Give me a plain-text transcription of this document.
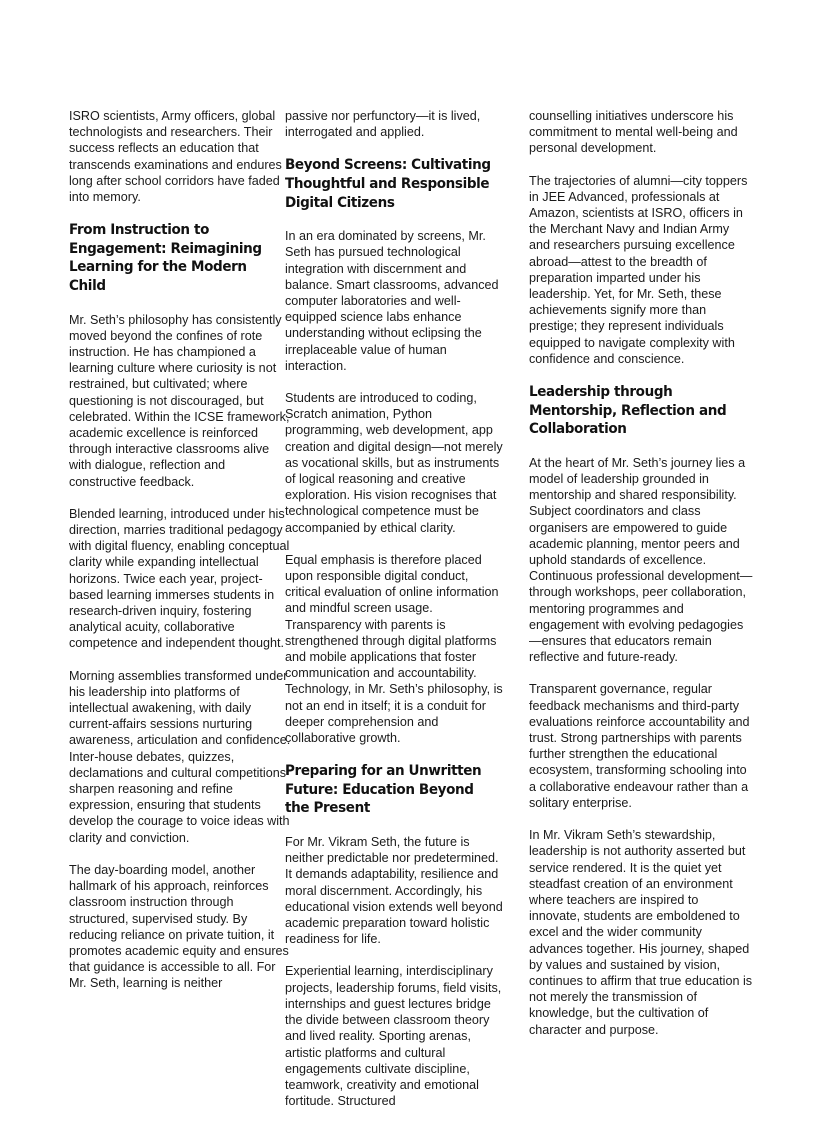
ISRO scientists, Army officers, global technologists and researchers. Their success reflects an education that transcends examinations and endures long after school corridors have faded into memory.

From Instruction to Engagement: Reimagining Learning for the Modern Child

Mr. Seth’s philosophy has consistently moved beyond the confines of rote instruction. He has championed a learning culture where curiosity is not restrained, but cultivated; where questioning is not discouraged, but celebrated. Within the ICSE framework, academic excellence is reinforced through interactive classrooms alive with dialogue, reflection and constructive feedback.

Blended learning, introduced under his direction, marries traditional pedagogy with digital fluency, enabling conceptual clarity while expanding intellectual horizons. Twice each year, project-based learning immerses students in research-driven inquiry, fostering analytical acuity, collaborative competence and independent thought.

Morning assemblies transformed under his leadership into platforms of intellectual awakening, with daily current-affairs sessions nurturing awareness, articulation and confidence. Inter-house debates, quizzes, declamations and cultural competitions sharpen reasoning and refine expression, ensuring that students develop the courage to voice ideas with clarity and conviction.

The day-boarding model, another hallmark of his approach, reinforces classroom instruction through structured, supervised study. By reducing reliance on private tuition, it promotes academic equity and ensures that guidance is accessible to all. For Mr. Seth, learning is neither

passive nor perfunctory—it is lived, interrogated and applied.

Beyond Screens: Cultivating Thoughtful and Responsible Digital Citizens

In an era dominated by screens, Mr. Seth has pursued technological integration with discernment and balance. Smart classrooms, advanced computer laboratories and well-equipped science labs enhance understanding without eclipsing the irreplaceable value of human interaction.

Students are introduced to coding, Scratch animation, Python programming, web development, app creation and digital design—not merely as vocational skills, but as instruments of logical reasoning and creative exploration. His vision recognises that technological competence must be accompanied by ethical clarity.

Equal emphasis is therefore placed upon responsible digital conduct, critical evaluation of online information and mindful screen usage. Transparency with parents is strengthened through digital platforms and mobile applications that foster communication and accountability. Technology, in Mr. Seth’s philosophy, is not an end in itself; it is a conduit for deeper comprehension and collaborative growth.

Preparing for an Unwritten Future: Education Beyond the Present

For Mr. Vikram Seth, the future is neither predictable nor predetermined. It demands adaptability, resilience and moral discernment. Accordingly, his educational vision extends well beyond academic preparation toward holistic readiness for life.

Experiential learning, interdisciplinary projects, leadership forums, field visits, internships and guest lectures bridge the divide between classroom theory and lived reality. Sporting arenas, artistic platforms and cultural engagements cultivate discipline, teamwork, creativity and emotional fortitude. Structured

counselling initiatives underscore his commitment to mental well-being and personal development.

The trajectories of alumni—city toppers in JEE Advanced, professionals at Amazon, scientists at ISRO, officers in the Merchant Navy and Indian Army and researchers pursuing excellence abroad—attest to the breadth of preparation imparted under his leadership. Yet, for Mr. Seth, these achievements signify more than prestige; they represent individuals equipped to navigate complexity with confidence and conscience.

Leadership through Mentorship, Reflection and Collaboration

At the heart of Mr. Seth’s journey lies a model of leadership grounded in mentorship and shared responsibility. Subject coordinators and class organisers are empowered to guide academic planning, mentor peers and uphold standards of excellence. Continuous professional development—through workshops, peer collaboration, mentoring programmes and engagement with evolving pedagogies—ensures that educators remain reflective and future-ready.

Transparent governance, regular feedback mechanisms and third-party evaluations reinforce accountability and trust. Strong partnerships with parents further strengthen the educational ecosystem, transforming schooling into a collaborative endeavour rather than a solitary enterprise.

In Mr. Vikram Seth’s stewardship, leadership is not authority asserted but service rendered. It is the quiet yet steadfast creation of an environment where teachers are inspired to innovate, students are emboldened to excel and the wider community advances together. His journey, shaped by values and sustained by vision, continues to affirm that true education is not merely the transmission of knowledge, but the cultivation of character and purpose.
